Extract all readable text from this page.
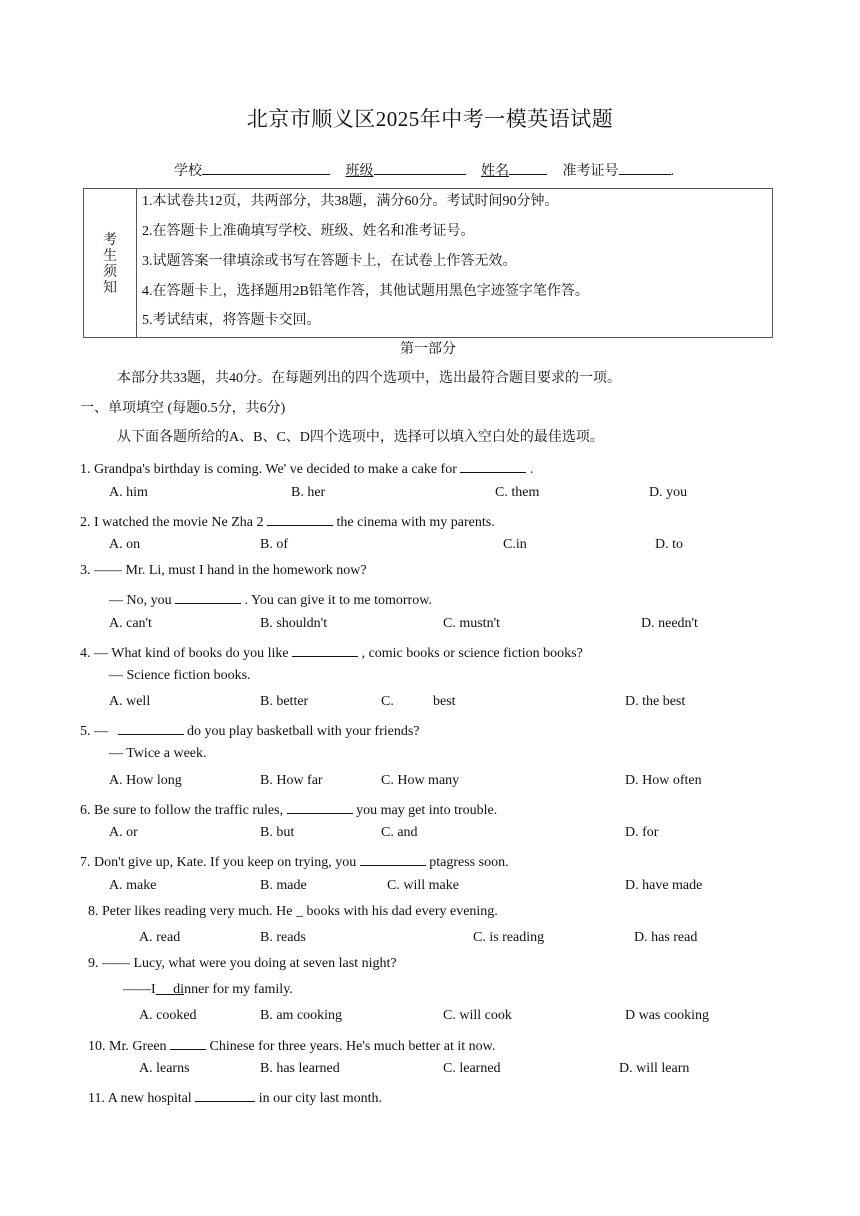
北京市顺义区2025年中考一模英语试题
学校	班级	姓名	准考证号	.
考生须知
1.本试卷共12页，共两部分，共38题，满分60分。考试时间90分钟。
2.在答题卡上准确填写学校、班级、姓名和准考证号。
3.试题答案一律填涂或书写在答题卡上，在试卷上作答无效。
4.在答题卡上，选择题用2B铅笔作答，其他试题用黑色字迹签字笔作答。
5.考试结束，将答题卡交回。
第一部分
本部分共33题，共40分。在每题列出的四个选项中，选出最符合题目要求的一项。
一、单项填空 (每题0.5分，共6分)
从下面各题所给的A、B、C、D四个选项中，选择可以填入空白处的最佳选项。
1. Grandpa's birthday is coming. We' ve decided to make a cake for	.
A. him	B. her	C. them	D. you
2. I watched the movie Ne Zha 2	the cinema with my parents.
A. on	B. of	C.in	D. to
3. —— Mr. Li, must I hand in the homework now?
— No, you	. You can give it to me tomorrow.
A. can't	B. shouldn't	C. mustn't	D. needn't
4. — What kind of books do you like	, comic books or science fiction books?
— Science fiction books.
A. well	B. better	C.	best	D. the best
5. —	do you play basketball with your friends?
— Twice a week.
A. How long	B. How far	C. How many	D. How often
6. Be sure to follow the traffic rules,	you may get into trouble.
A. or	B. but	C. and	D. for
7. Don't give up, Kate. If you keep on trying, you	ptagress soon.
A. make	B. made	C. will make	D. have made
8. Peter likes reading very much. He _ books with his dad every evening.
A. read	B. reads	C. is reading	D. has read
9. —— Lucy, what were you doing at seven last night?
——I     dinner for my family.
A. cooked	B. am cooking	C. will cook	D was cooking
10. Mr. Green	Chinese for three years. He's much better at it now.
A. learns	B. has learned	C. learned	D. will learn
11. A new hospital	in our city last month.
